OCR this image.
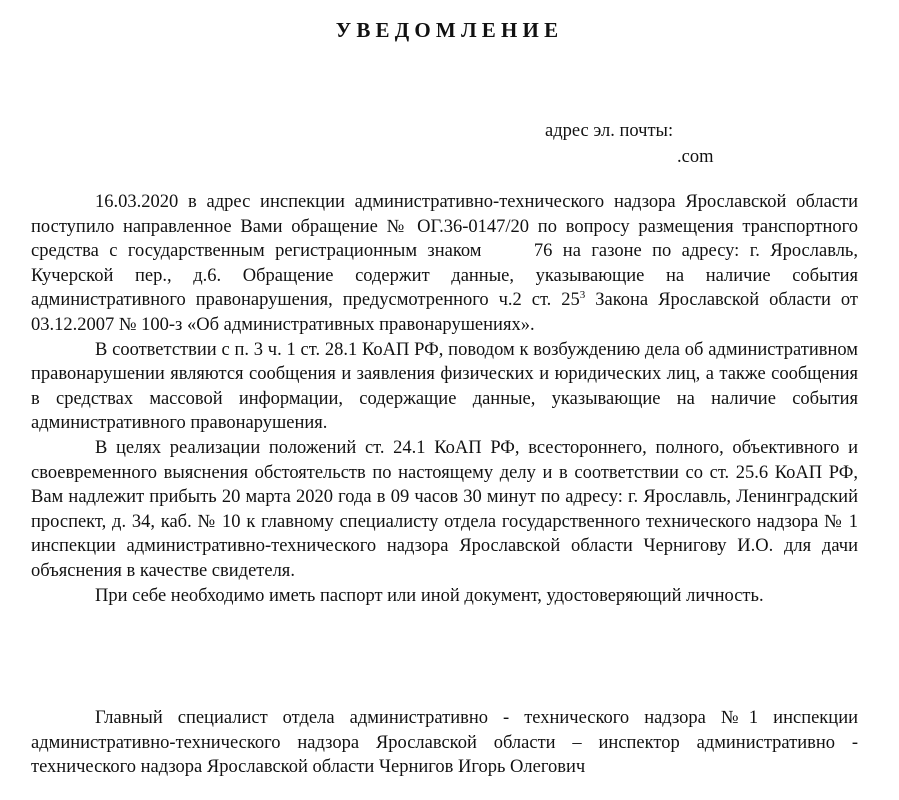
УВЕДОМЛЕНИЕ
адрес эл. почты:
.com

16.03.2020 в адрес инспекции административно-технического надзора Ярославской области поступило направленное Вами обращение № ОГ.36-0147/20 по вопросу размещения транспортного средства с государственным регистрационным знаком 76 на газоне по адресу: г. Ярославль, Кучерской пер., д.6. Обращение содержит данные, указывающие на наличие события административного правонарушения, предусмотренного ч.2 ст. $25^3$ Закона Ярославской области от 03.12.2007 № 100-з «Об административных правонарушениях».

В соответствии с п. 3 ч. 1 ст. 28.1 КоАП РФ, поводом к возбуждению дела об административном правонарушении являются сообщения и заявления физических и юридических лиц, а также сообщения в средствах массовой информации, содержащие данные, указывающие на наличие события административного правонарушения.

В целях реализации положений ст. 24.1 КоАП РФ, всестороннего, полного, объективного и своевременного выяснения обстоятельств по настоящему делу и в соответствии со ст. 25.6 КоАП РФ, Вам надлежит прибыть 20 марта 2020 года в 09 часов 30 минут по адресу: г. Ярославль, Ленинградский проспект, д. 34, каб. № 10 к главному специалисту отдела государственного технического надзора № 1 инспекции административно-технического надзора Ярославской области Чернигову И.О. для дачи объяснения в качестве свидетеля.

При себе необходимо иметь паспорт или иной документ, удостоверяющий личность.

Главный специалист отдела административно - технического надзора №1 инспекции административно-технического надзора Ярославской области – инспектор административно - технического надзора Ярославской области Чернигов Игорь Олегович
